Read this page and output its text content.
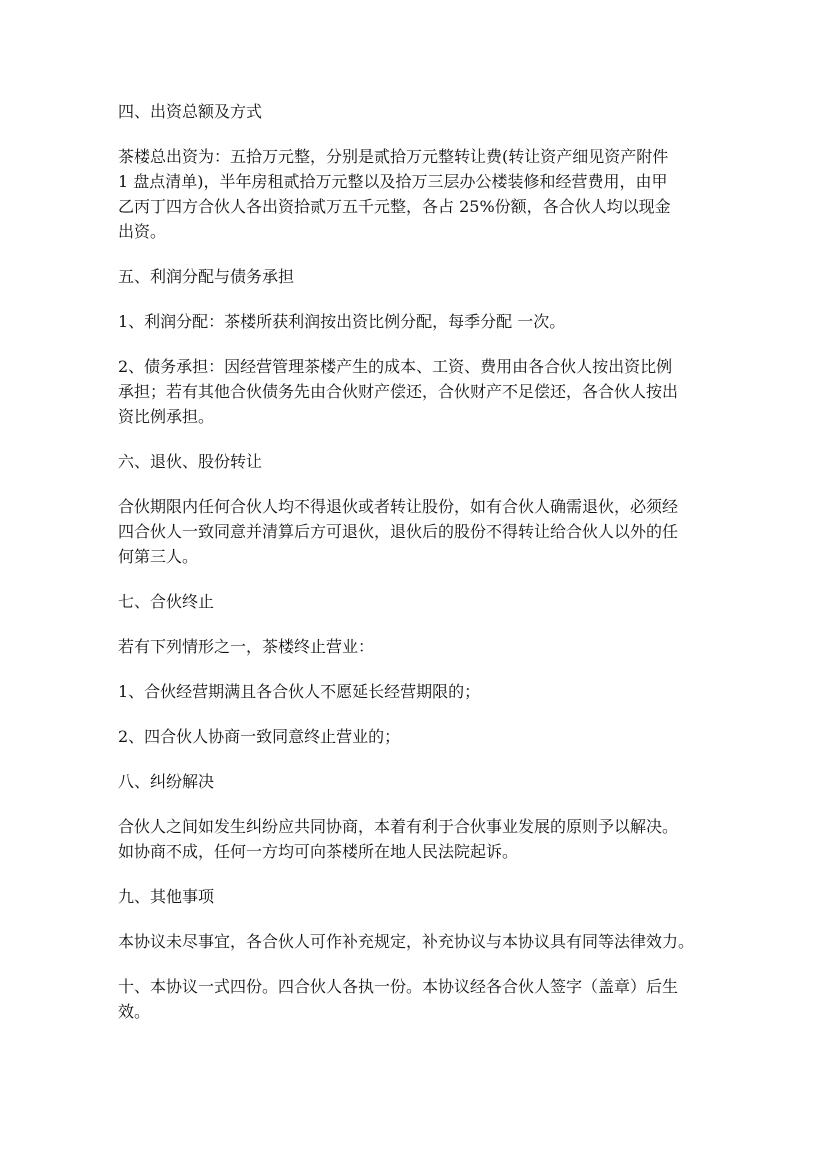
四、出资总额及方式
茶楼总出资为：五拾万元整，分别是贰拾万元整转让费(转让资产细见资产附件
1 盘点清单)，半年房租贰拾万元整以及拾万三层办公楼装修和经营费用，由甲
乙丙丁四方合伙人各出资拾贰万五千元整，各占 25%份额，各合伙人均以现金
出资。
五、利润分配与债务承担
1、利润分配：茶楼所获利润按出资比例分配，每季分配 一次。
2、债务承担：因经营管理茶楼产生的成本、工资、费用由各合伙人按出资比例
承担；若有其他合伙债务先由合伙财产偿还，合伙财产不足偿还，各合伙人按出
资比例承担。
六、退伙、股份转让
合伙期限内任何合伙人均不得退伙或者转让股份，如有合伙人确需退伙，必须经
四合伙人一致同意并清算后方可退伙，退伙后的股份不得转让给合伙人以外的任
何第三人。
七、合伙终止
若有下列情形之一，茶楼终止营业：
1、合伙经营期满且各合伙人不愿延长经营期限的；
2、四合伙人协商一致同意终止营业的；
八、纠纷解决
合伙人之间如发生纠纷应共同协商，本着有利于合伙事业发展的原则予以解决。
如协商不成，任何一方均可向茶楼所在地人民法院起诉。
九、其他事项
本协议未尽事宜，各合伙人可作补充规定，补充协议与本协议具有同等法律效力。
十、本协议一式四份。四合伙人各执一份。本协议经各合伙人签字（盖章）后生
效。
